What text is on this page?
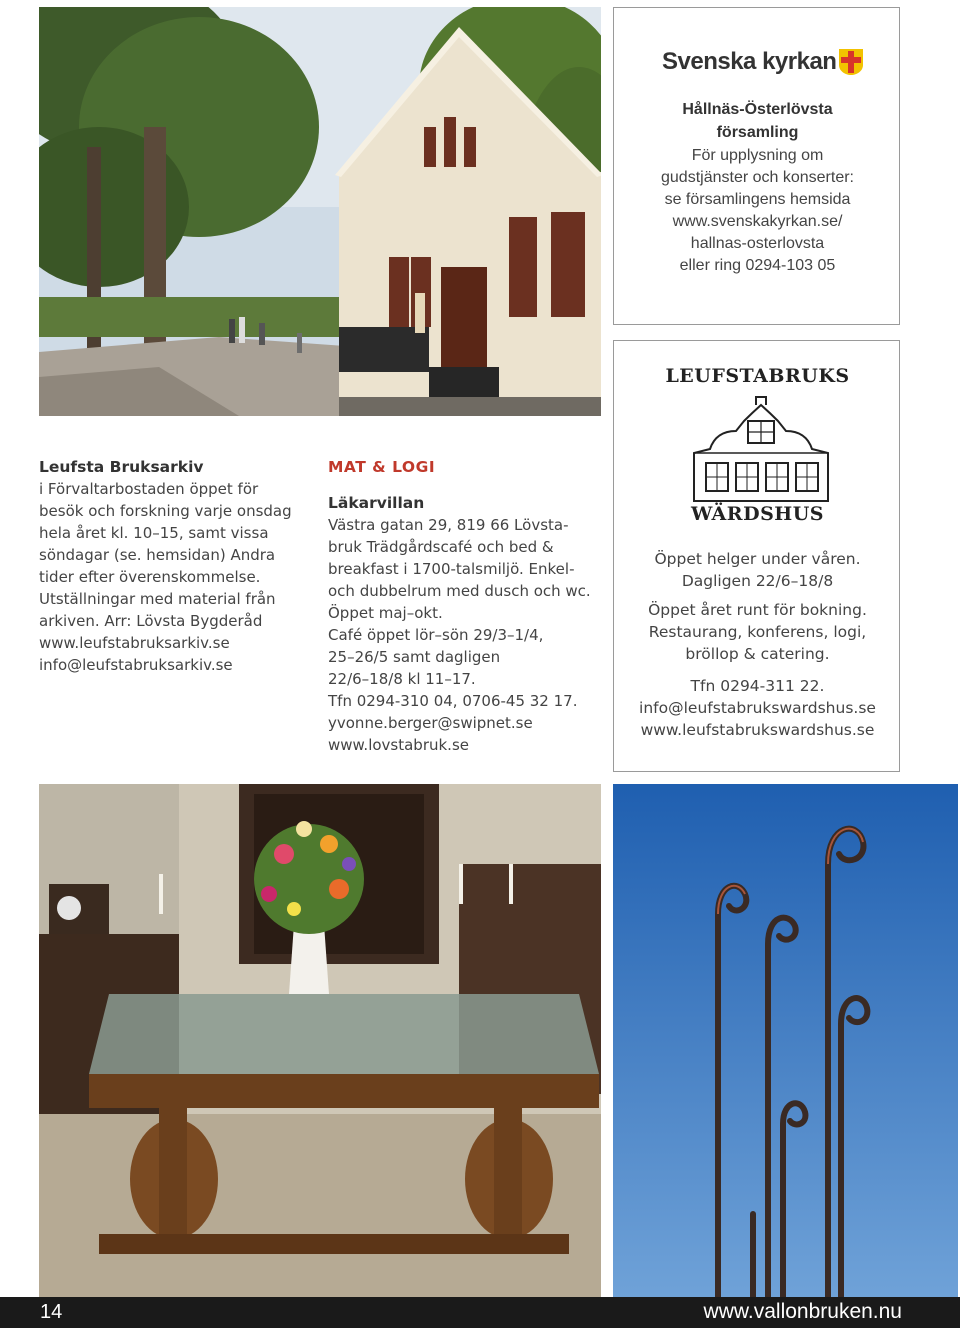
Svenska kyrkan
Hållnäs-Österlövsta
församling
För upplysning om
gudstjänster och konserter:
se församlingens hemsida
www.svenskakyrkan.se/
hallnas-osterlovsta
eller ring 0294-103 05
LEUFSTABRUKS
WÄRDSHUS
Öppet helger under våren.
Dagligen 22/6–18/8
Öppet året runt för bokning.
Restaurang, konferens, logi,
bröllop & catering.
Tfn 0294-311 22.
info@leufstabrukswardshus.se
www.leufstabrukswardshus.se
Leufsta Bruksarkiv
i Förvaltarbostaden öppet för
besök och forskning varje onsdag
hela året kl. 10–15, samt vissa
söndagar (se. hemsidan) Andra
tider efter överenskommelse.
Utställningar med material från
arkiven. Arr: Lövsta Bygderåd
www.leufstabruksarkiv.se
info@leufstabruksarkiv.se
MAT & LOGI
Läkarvillan
Västra gatan 29, 819 66 Lövsta-
bruk Trädgårdscafé och bed &
breakfast i 1700-talsmiljö. Enkel-
och dubbelrum med dusch och wc.
Öppet maj–okt.
Café öppet lör–sön 29/3–1/4,
25–26/5 samt dagligen
22/6–18/8 kl 11–17.
Tfn 0294-310 04, 0706-45 32 17.
yvonne.berger@swipnet.se
www.lovstabruk.se
14	www.vallonbruken.nu
